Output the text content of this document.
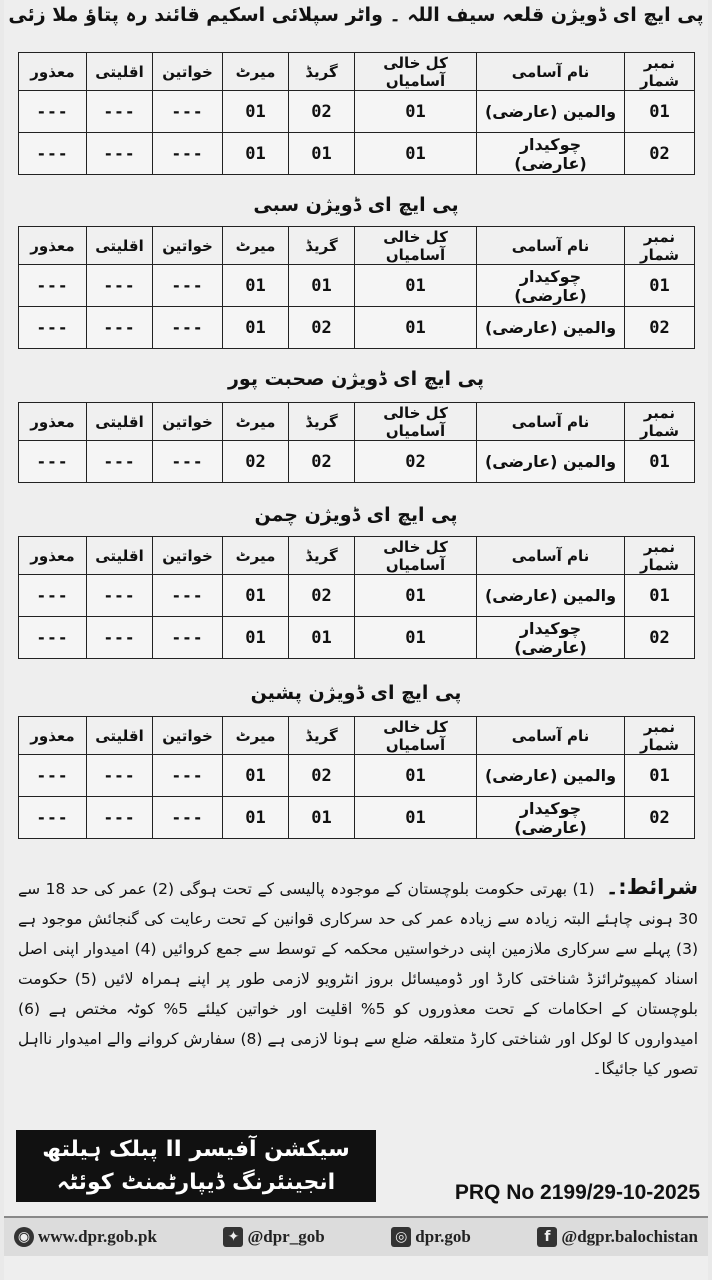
پی ایچ ای ڈویژن قلعہ سیف اللہ ۔ واٹر سپلائی اسکیم قائند رہ پتاؤ ملا زئی
نمبر شمار	نام آسامی	کل خالی آسامیاں	گریڈ	میرٹ	خواتین	اقلیتی	معذور
01	والمین (عارضی)	01	02	01	---	---	---
02	چوکیدار (عارضی)	01	01	01	---	---	---
پی ایچ ای ڈویژن سبی
نمبر شمار	نام آسامی	کل خالی آسامیاں	گریڈ	میرٹ	خواتین	اقلیتی	معذور
01	چوکیدار (عارضی)	01	01	01	---	---	---
02	والمین (عارضی)	01	02	01	---	---	---
پی ایچ ای ڈویژن صحبت پور
نمبر شمار	نام آسامی	کل خالی آسامیاں	گریڈ	میرٹ	خواتین	اقلیتی	معذور
01	والمین (عارضی)	02	02	02	---	---	---
پی ایچ ای ڈویژن چمن
نمبر شمار	نام آسامی	کل خالی آسامیاں	گریڈ	میرٹ	خواتین	اقلیتی	معذور
01	والمین (عارضی)	01	02	01	---	---	---
02	چوکیدار (عارضی)	01	01	01	---	---	---
پی ایچ ای ڈویژن پشین
نمبر شمار	نام آسامی	کل خالی آسامیاں	گریڈ	میرٹ	خواتین	اقلیتی	معذور
01	والمین (عارضی)	01	02	01	---	---	---
02	چوکیدار (عارضی)	01	01	01	---	---	---
شرائط:۔ (1) بھرتی حکومت بلوچستان کے موجودہ پالیسی کے تحت ہوگی (2) عمر کی حد 18 سے 30 ہونی چاہئے البتہ زیادہ سے زیادہ عمر کی حد سرکاری قوانین کے تحت رعایت کی گنجائش موجود ہے (3) پہلے سے سرکاری ملازمین اپنی درخواستیں محکمہ کے توسط سے جمع کروائیں (4) امیدوار اپنی اصل اسناد کمپیوٹرائزڈ شناختی کارڈ اور ڈومیسائل بروز انٹرویو لازمی طور پر اپنے ہمراہ لائیں (5) حکومت بلوچستان کے احکامات کے تحت معذوروں کو 5% اقلیت اور خواتین کیلئے 5% کوٹہ مختص ہے (6) امیدواروں کا لوکل اور شناختی کارڈ متعلقہ ضلع سے ہونا لازمی ہے (8) سفارش کروانے والے امیدوار نااہل تصور کیا جائیگا۔
سیکشن آفیسر II پبلک ہیلتھ
انجینئرنگ ڈیپارٹمنٹ کوئٹہ	PRQ No 2199/29-10-2025
◉ www.dpr.gob.pk	✦ @dpr_gob	◎ dpr.gob	f @dgpr.balochistan
